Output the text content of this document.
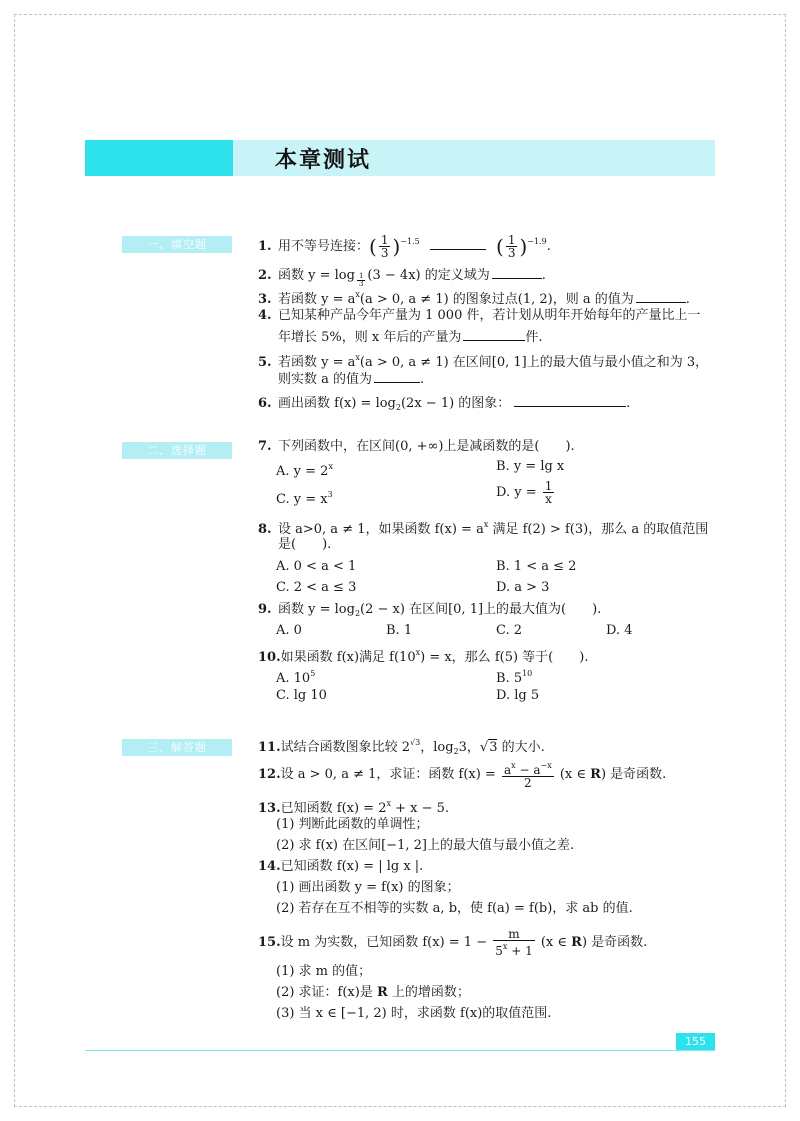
本章测试
一、填空题	1. 用不等号连接：( $\frac{1}{3} )^{-1.5}$	( $\frac{1}{3} )^{-1.9}$.
2. 函数 y = log $_{\frac{1}{3}}$ (3 − 4x) 的定义域为	.
3. 若函数 $y = a^x(a > 0$, a ≠ 1) 的图象过点(1, 2)，则 a 的值为	.
4. 已知某种产品今年产量为 1 000 件，若计划从明年开始每年的产量比上一
年增长 5%，则 x 年后的产量为	件.
5. 若函数 $y = a^x(a > 0$, a ≠ 1) 在区间[0, 1]上的最大值与最小值之和为 3，
则实数 a 的值为	.
6. 画出函数 $f(x) = \log_2(2x - 1)$ 的图象：	.
二、选择题	7. 下列函数中，在区间(0, +∞)上是减函数的是(　　).
A. $y = 2^x$	B. y = lg x
C. $y = x^3$	D. $y = \frac{1}{x}$
8. 设 a>0, a ≠ 1，如果函数 $f(x) = a^x$ 满足 f(2) > f(3)，那么 a 的取值范围
是(　　).
A. 0 < a < 1	B. 1 < a ≤ 2
C. 2 < a ≤ 3	D. a > 3
9. 函数 $y = \log_2(2 - x)$ 在区间[0, 1]上的最大值为(　　).
A. 0	B. 1	C. 2	D. 4
10.如果函数 f(x)满足 $f(10^x) = x$，那么 f(5) 等于(　　).
A. $10^5$	B. $5^{10}$
C. lg 10	D. lg 5
三、解答题	11.试结合函数图象比较 $2^{√3}$，$\log_23$，√3 的大小.
12.设 a > 0, a ≠ 1，求证：函数 $f(x) = \frac{a^x - a^{-x}}{2} (x$ ∈ R) 是奇函数.
13.已知函数 $f(x) = 2^x + x - 5$.
(1) 判断此函数的单调性；
(2) 求 f(x) 在区间[−1, 2]上的最大值与最小值之差.
14.已知函数 f(x) = | lg x |.
(1) 画出函数 y = f(x) 的图象；
(2) 若存在互不相等的实数 a, b，使 f(a) = f(b)，求 ab 的值.
15.设 m 为实数，已知函数 $f(x) = 1 - \frac{m}{5^x + 1} (x$ ∈ R) 是奇函数.
(1) 求 m 的值；
(2) 求证：f(x)是 R 上的增函数；
(3) 当 x ∈ [−1, 2) 时，求函数 f(x)的取值范围.
155
